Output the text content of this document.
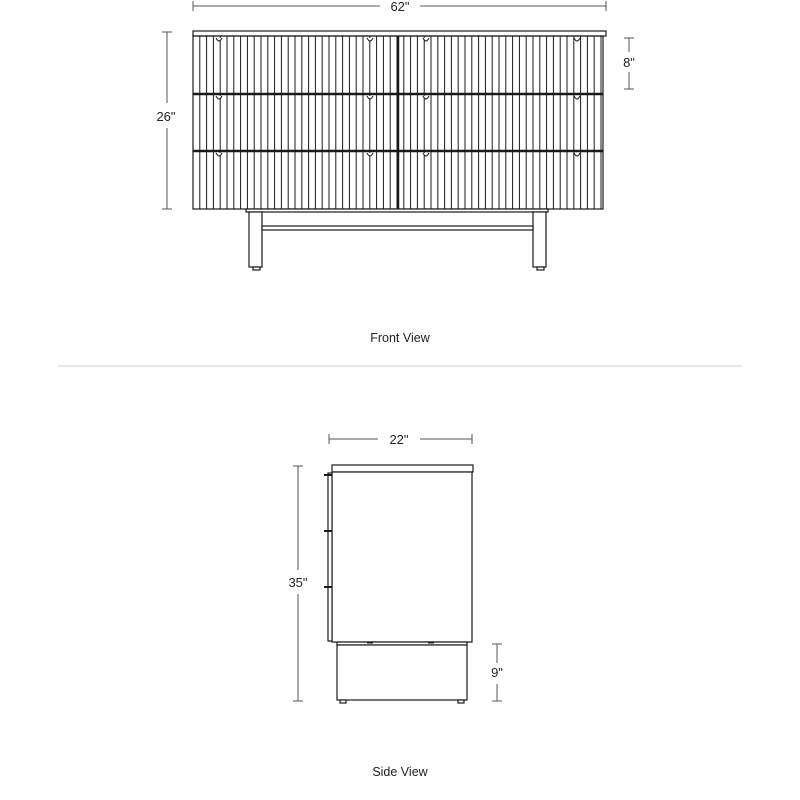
62"
26"
8"
Front View
22"
35"
9"
Side View
